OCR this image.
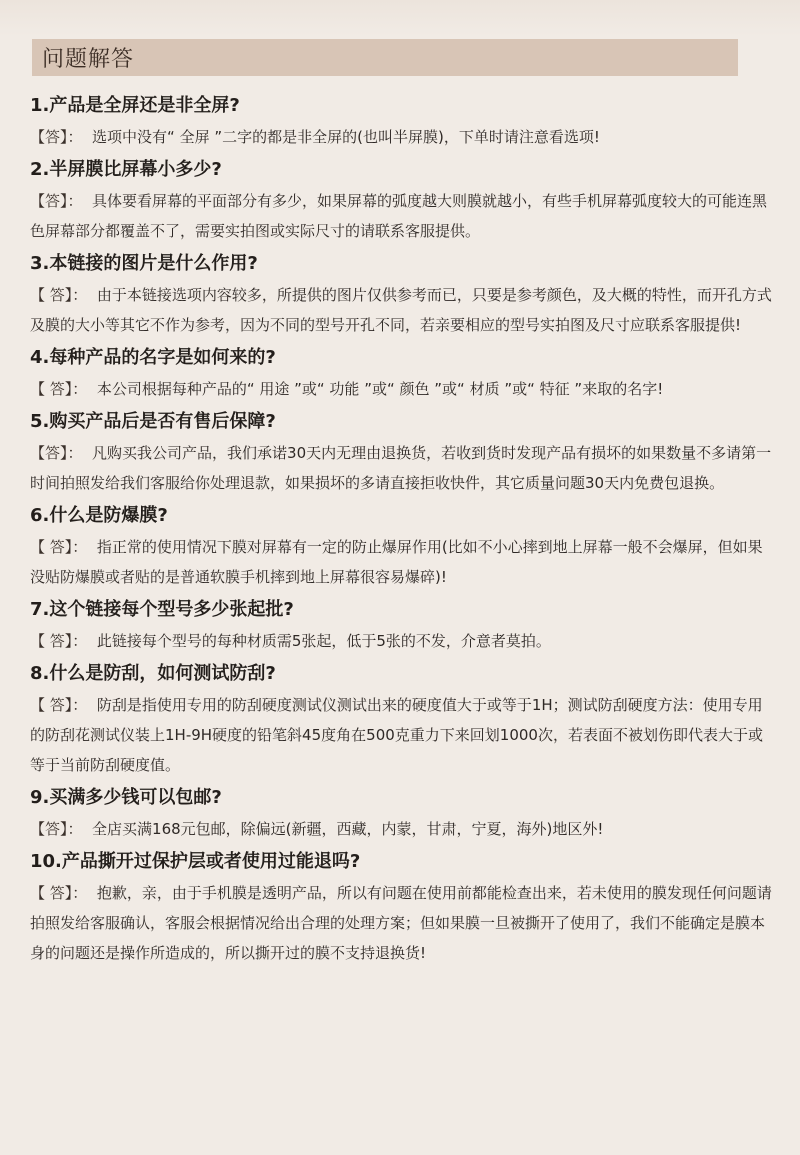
问题解答
1.产品是全屏还是非全屏?
【答】：  选项中没有“ 全屏 ”二字的都是非全屏的(也叫半屏膜)，下单时请注意看选项!
2.半屏膜比屏幕小多少?
【答】：  具体要看屏幕的平面部分有多少，如果屏幕的弧度越大则膜就越小，有些手机屏幕弧度较大的可能连黑色屏幕部分都覆盖不了，需要实拍图或实际尺寸的请联系客服提供。
3.本链接的图片是什么作用?
【 答】：  由于本链接选项内容较多，所提供的图片仅供参考而已，只要是参考颜色，及大概的特性，而开孔方式及膜的大小等其它不作为参考，因为不同的型号开孔不同，若亲要相应的型号实拍图及尺寸应联系客服提供!
4.每种产品的名字是如何来的?
【 答】：  本公司根据每种产品的“ 用途 ”或“ 功能 ”或“ 颜色 ”或“ 材质 ”或“ 特征 ”来取的名字!
5.购买产品后是否有售后保障?
【答】：  凡购买我公司产品，我们承诺30天内无理由退换货，若收到货时发现产品有损坏的如果数量不多请第一时间拍照发给我们客服给你处理退款，如果损坏的多请直接拒收快件，其它质量问题30天内免费包退换。
6.什么是防爆膜?
【 答】：  指正常的使用情况下膜对屏幕有一定的防止爆屏作用(比如不小心摔到地上屏幕一般不会爆屏，但如果没贴防爆膜或者贴的是普通软膜手机摔到地上屏幕很容易爆碎)!
7.这个链接每个型号多少张起批?
【 答】：  此链接每个型号的每种材质需5张起，低于5张的不发，介意者莫拍。
8.什么是防刮，如何测试防刮?
【 答】：  防刮是指使用专用的防刮硬度测试仪测试出来的硬度值大于或等于1H；测试防刮硬度方法：使用专用的防刮花测试仪装上1H-9H硬度的铅笔斜45度角在500克重力下来回划1000次，若表面不被划伤即代表大于或等于当前防刮硬度值。
9.买满多少钱可以包邮?
【答】：  全店买满168元包邮，除偏远(新疆，西藏，内蒙，甘肃，宁夏，海外)地区外!
10.产品撕开过保护层或者使用过能退吗?
【 答】：  抱歉，亲，由于手机膜是透明产品，所以有问题在使用前都能检查出来，若未使用的膜发现任何问题请拍照发给客服确认，客服会根据情况给出合理的处理方案；但如果膜一旦被撕开了使用了，我们不能确定是膜本身的问题还是操作所造成的，所以撕开过的膜不支持退换货!
